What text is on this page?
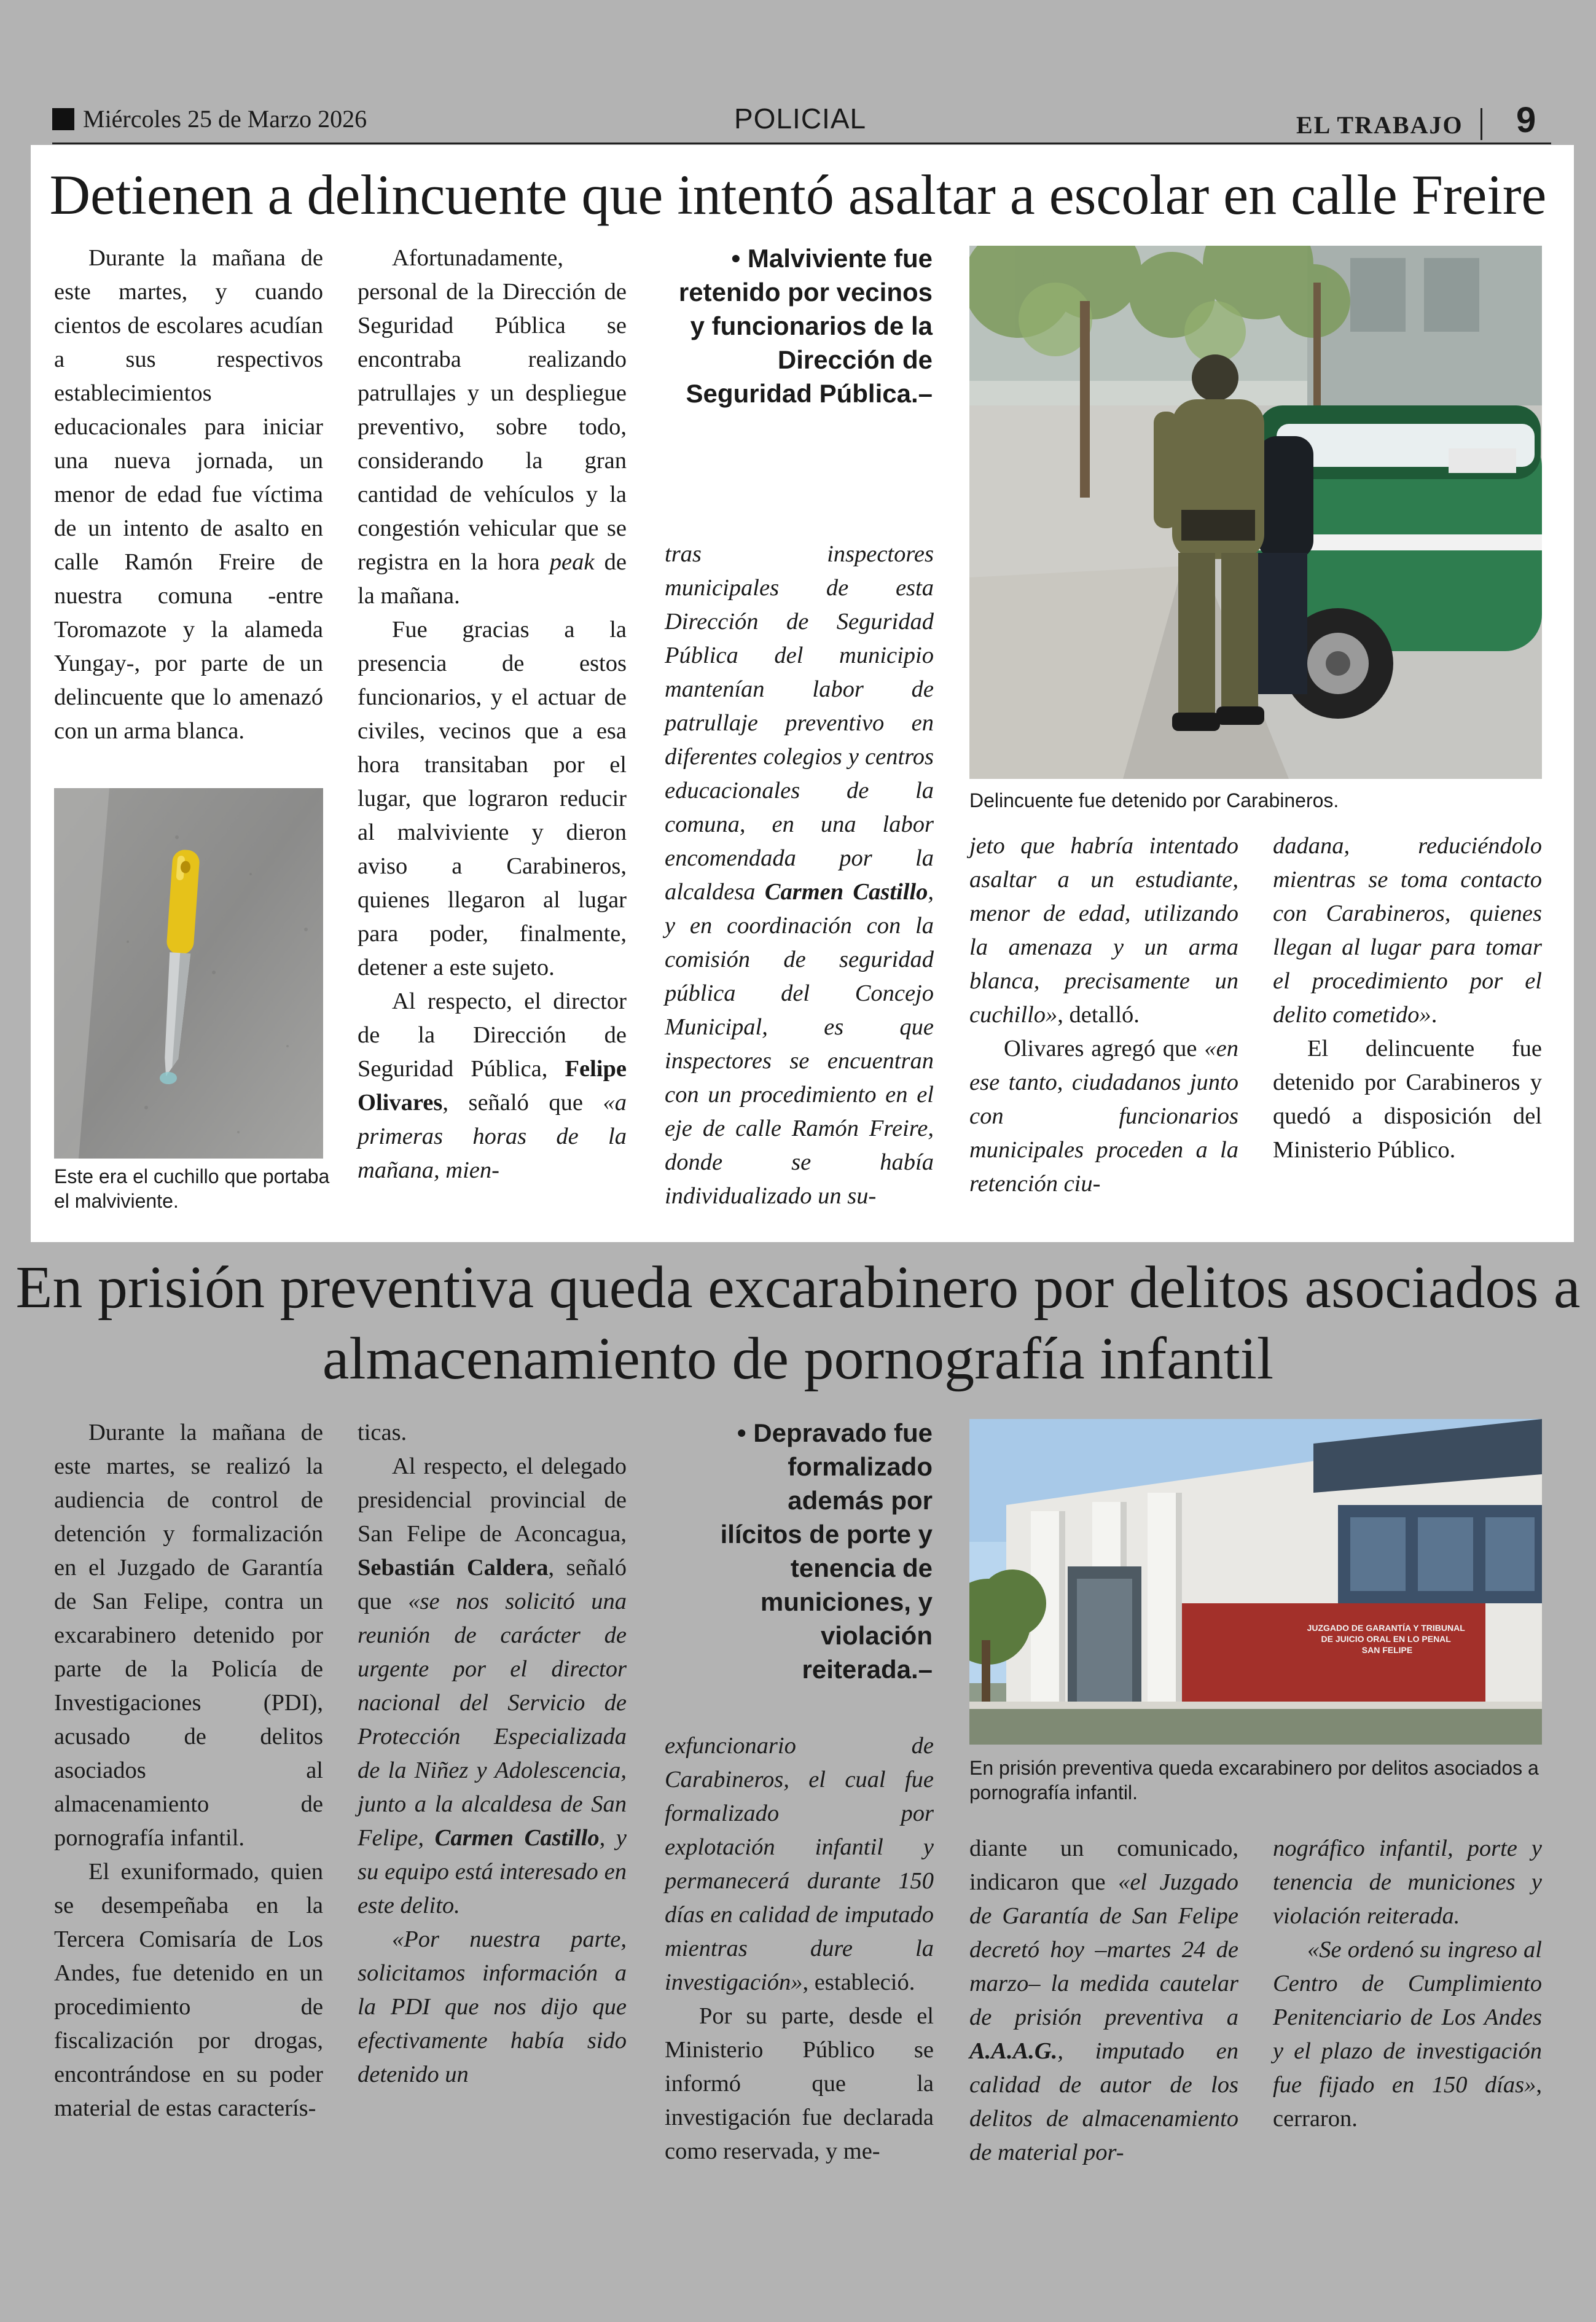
Miércoles 25 de Marzo 2026	POLICIAL	EL TRABAJO 9
Detienen a delincuente que intentó asaltar a escolar en calle Freire

Durante la mañana de este martes, y cuando cientos de escolares acudían a sus respectivos establecimientos educacionales para iniciar una nueva jornada, un menor de edad fue víctima de un intento de asalto en calle Ramón Freire de nuestra comuna -entre Toromazote y la alameda Yungay-, por parte de un delincuente que lo amenazó con un arma blanca.

Este era el cuchillo que portaba el malviviente.

Afortunadamente, personal de la Dirección de Seguridad Pública se encontraba realizando patrullajes y un despliegue preventivo, sobre todo, considerando la gran cantidad de vehículos y la congestión vehicular que se registra en la hora peak de la mañana.

Fue gracias a la presencia de estos funcionarios, y el actuar de civiles, vecinos que a esa hora transitaban por el lugar, que lograron reducir al malviviente y dieron aviso a Carabineros, quienes llegaron al lugar para poder, finalmente, detener a este sujeto.

Al respecto, el director de la Dirección de Seguridad Pública, Felipe Olivares, señaló que «a primeras horas de la mañana, mien-

• Malviviente fue retenido por vecinos y funcionarios de la Dirección de Seguridad Pública.–

tras inspectores municipales de esta Dirección de Seguridad Pública del municipio mantenían labor de patrullaje preventivo en diferentes colegios y centros educacionales de la comuna, en una labor encomendada por la alcaldesa Carmen Castillo, y en coordinación con la comisión de seguridad pública del Concejo Municipal, es que inspectores se encuentran con un procedimiento en el eje de calle Ramón Freire, donde se había individualizado un su-

Delincuente fue detenido por Carabineros.

jeto que habría intentado asaltar a un estudiante, menor de edad, utilizando la amenaza y un arma blanca, precisamente un cuchillo», detalló.

Olivares agregó que «en ese tanto, ciudadanos junto con funcionarios municipales proceden a la retención ciu-

dadana, reduciéndolo mientras se toma contacto con Carabineros, quienes llegan al lugar para tomar el procedimiento por el delito cometido».

El delincuente fue detenido por Carabineros y quedó a disposición del Ministerio Público.

En prisión preventiva queda excarabinero por delitos asociados a almacenamiento de pornografía infantil

Durante la mañana de este martes, se realizó la audiencia de control de detención y formalización en el Juzgado de Garantía de San Felipe, contra un excarabinero detenido por parte de la Policía de Investigaciones (PDI), acusado de delitos asociados al almacenamiento de pornografía infantil.

El exuniformado, quien se desempeñaba en la Tercera Comisaría de Los Andes, fue detenido en un procedimiento de fiscalización por drogas, encontrándose en su poder material de estas caracterís-

ticas.

Al respecto, el delegado presidencial provincial de San Felipe de Aconcagua, Sebastián Caldera, señaló que «se nos solicitó una reunión de carácter de urgente por el director nacional del Servicio de Protección Especializada de la Niñez y Adolescencia, junto a la alcaldesa de San Felipe, Carmen Castillo, y su equipo está interesado en este delito.

«Por nuestra parte, solicitamos información a la PDI que nos dijo que efectivamente había sido detenido un

• Depravado fue formalizado además por ilícitos de porte y tenencia de municiones, y violación reiterada.–

exfuncionario de Carabineros, el cual fue formalizado por explotación infantil y permanecerá durante 150 días en calidad de imputado mientras dure la investigación», estableció.

Por su parte, desde el Ministerio Público se informó que la investigación fue declarada como reservada, y me-

JUZGADO DE GARANTÍA Y TRIBUNAL DE JUICIO ORAL EN LO PENAL SAN FELIPE
En prisión preventiva queda excarabinero por delitos asociados a pornografía infantil.

diante un comunicado, indicaron que «el Juzgado de Garantía de San Felipe decretó hoy –martes 24 de marzo– la medida cautelar de prisión preventiva a A.A.A.G., imputado en calidad de autor de los delitos de almacenamiento de material por-

nográfico infantil, porte y tenencia de municiones y violación reiterada.

«Se ordenó su ingreso al Centro de Cumplimiento Penitenciario de Los Andes y el plazo de investigación fue fijado en 150 días», cerraron.
